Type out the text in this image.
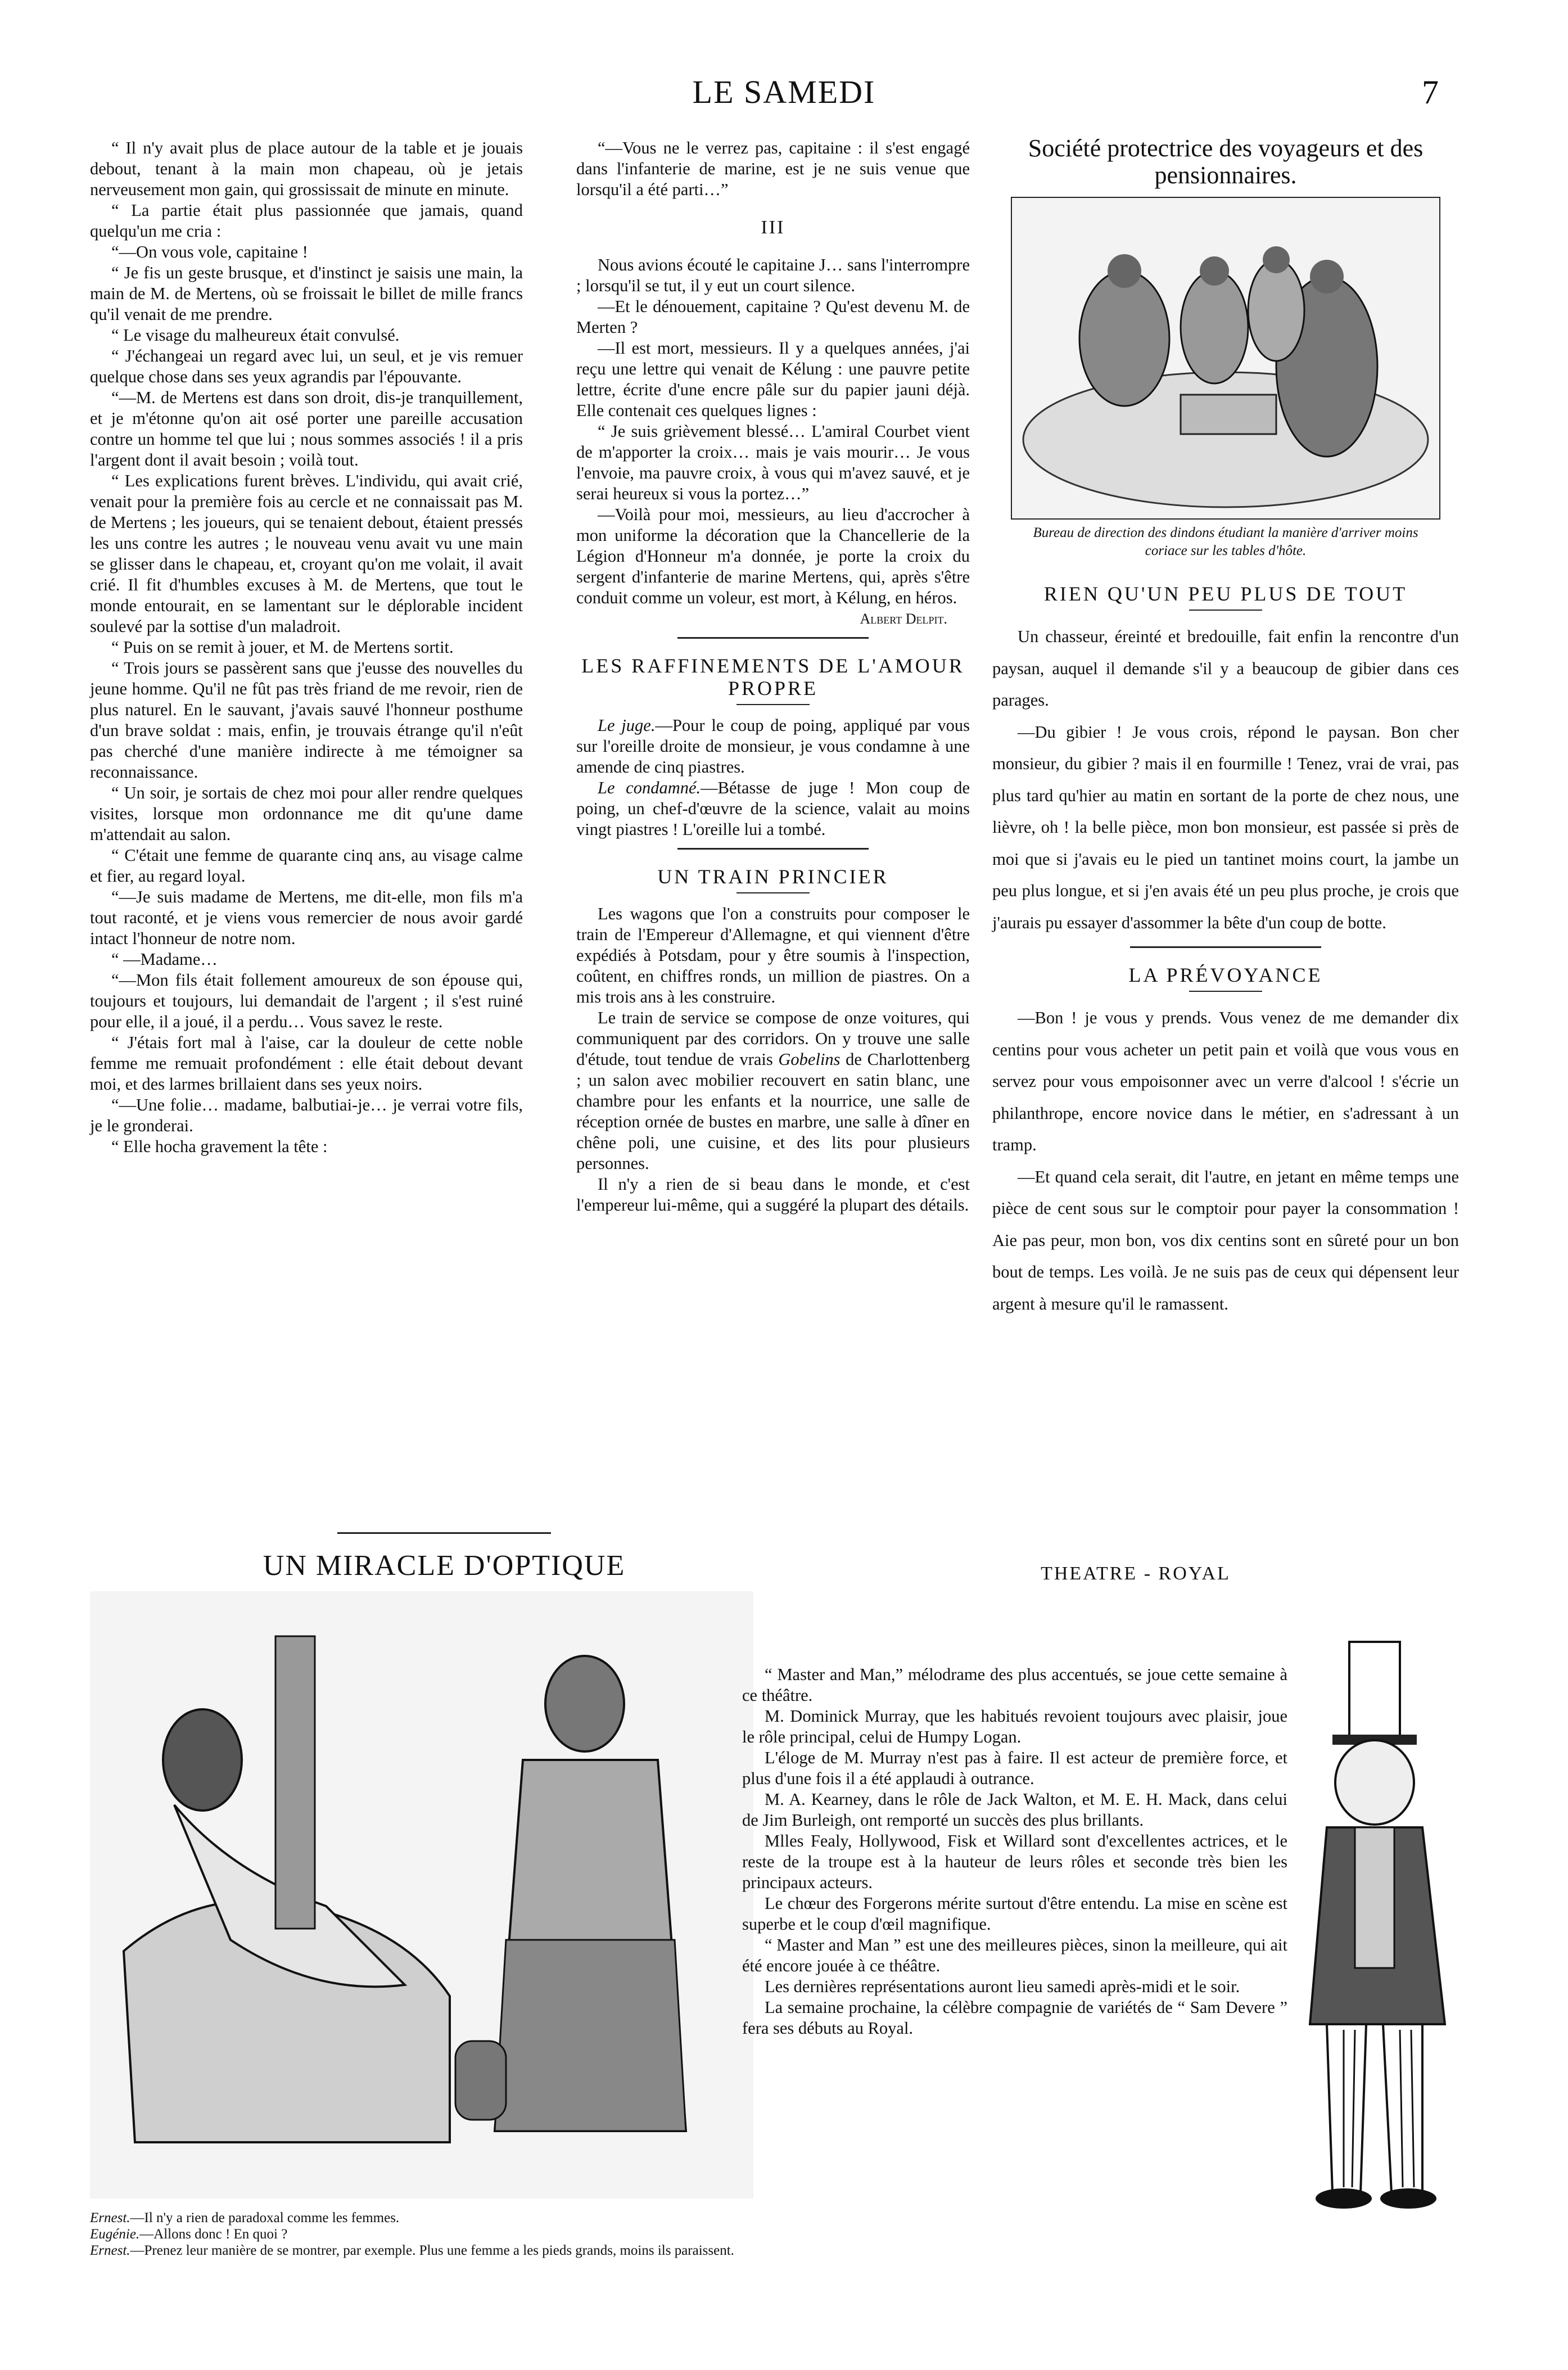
LE SAMEDI	7

“ Il n'y avait plus de place autour de la table et je jouais debout, tenant à la main mon chapeau, où je jetais nerveusement mon gain, qui grossissait de minute en minute.

“ La partie était plus passionnée que jamais, quand quelqu'un me cria :

“—On vous vole, capitaine !

“ Je fis un geste brusque, et d'instinct je saisis une main, la main de M. de Mertens, où se froissait le billet de mille francs qu'il venait de me prendre.

“ Le visage du malheureux était convulsé.

“ J'échangeai un regard avec lui, un seul, et je vis remuer quelque chose dans ses yeux agrandis par l'épouvante.

“—M. de Mertens est dans son droit, dis-je tranquillement, et je m'étonne qu'on ait osé porter une pareille accusation contre un homme tel que lui ; nous sommes associés ! il a pris l'argent dont il avait besoin ; voilà tout.

“ Les explications furent brèves. L'individu, qui avait crié, venait pour la première fois au cercle et ne connaissait pas M. de Mertens ; les joueurs, qui se tenaient debout, étaient pressés les uns contre les autres ; le nouveau venu avait vu une main se glisser dans le chapeau, et, croyant qu'on me volait, il avait crié. Il fit d'humbles excuses à M. de Mertens, que tout le monde entourait, en se lamentant sur le déplorable incident soulevé par la sottise d'un maladroit.

“ Puis on se remit à jouer, et M. de Mertens sortit.

“ Trois jours se passèrent sans que j'eusse des nouvelles du jeune homme. Qu'il ne fût pas très friand de me revoir, rien de plus naturel. En le sauvant, j'avais sauvé l'honneur posthume d'un brave soldat : mais, enfin, je trouvais étrange qu'il n'eût pas cherché d'une manière indirecte à me témoigner sa reconnaissance.

“ Un soir, je sortais de chez moi pour aller rendre quelques visites, lorsque mon ordonnance me dit qu'une dame m'attendait au salon.

“ C'était une femme de quarante cinq ans, au visage calme et fier, au regard loyal.

“—Je suis madame de Mertens, me dit-elle, mon fils m'a tout raconté, et je viens vous remercier de nous avoir gardé intact l'honneur de notre nom.

“ —Madame…

“—Mon fils était follement amoureux de son épouse qui, toujours et toujours, lui demandait de l'argent ; il s'est ruiné pour elle, il a joué, il a perdu… Vous savez le reste.

“ J'étais fort mal à l'aise, car la douleur de cette noble femme me remuait profondément : elle était debout devant moi, et des larmes brillaient dans ses yeux noirs.

“—Une folie… madame, balbutiai-je… je verrai votre fils, je le gronderai.

“ Elle hocha gravement la tête :

“—Vous ne le verrez pas, capitaine : il s'est engagé dans l'infanterie de marine, est je ne suis venue que lorsqu'il a été parti…”

III

Nous avions écouté le capitaine J… sans l'interrompre ; lorsqu'il se tut, il y eut un court silence.

—Et le dénouement, capitaine ? Qu'est devenu M. de Merten ?

—Il est mort, messieurs. Il y a quelques années, j'ai reçu une lettre qui venait de Kélung : une pauvre petite lettre, écrite d'une encre pâle sur du papier jauni déjà. Elle contenait ces quelques lignes :

“ Je suis grièvement blessé… L'amiral Courbet vient de m'apporter la croix… mais je vais mourir… Je vous l'envoie, ma pauvre croix, à vous qui m'avez sauvé, et je serai heureux si vous la portez…”

—Voilà pour moi, messieurs, au lieu d'accrocher à mon uniforme la décoration que la Chancellerie de la Légion d'Honneur m'a donnée, je porte la croix du sergent d'infanterie de marine Mertens, qui, après s'être conduit comme un voleur, est mort, à Kélung, en héros.

Albert Delpit.
LES RAFFINEMENTS DE L'AMOUR PROPRE

Le juge.—Pour le coup de poing, appliqué par vous sur l'oreille droite de monsieur, je vous condamne à une amende de cinq piastres.

Le condamné.—Bétasse de juge ! Mon coup de poing, un chef-d'œuvre de la science, valait au moins vingt piastres ! L'oreille lui a tombé.

UN TRAIN PRINCIER

Les wagons que l'on a construits pour composer le train de l'Empereur d'Allemagne, et qui viennent d'être expédiés à Potsdam, pour y être soumis à l'inspection, coûtent, en chiffres ronds, un million de piastres. On a mis trois ans à les construire.

Le train de service se compose de onze voitures, qui communiquent par des corridors. On y trouve une salle d'étude, tout tendue de vrais Gobelins de Charlottenberg ; un salon avec mobilier recouvert en satin blanc, une chambre pour les enfants et la nourrice, une salle de réception ornée de bustes en marbre, une salle à dîner en chêne poli, une cuisine, et des lits pour plusieurs personnes.

Il n'y a rien de si beau dans le monde, et c'est l'empereur lui-même, qui a suggéré la plupart des détails.

Société protectrice des voyageurs et des pensionnaires.
Bureau de direction des dindons étudiant la manière d'arriver moins coriace sur les tables d'hôte.
RIEN QU'UN PEU PLUS DE TOUT

Un chasseur, éreinté et bredouille, fait enfin la rencontre d'un paysan, auquel il demande s'il y a beaucoup de gibier dans ces parages.

—Du gibier ! Je vous crois, répond le paysan. Bon cher monsieur, du gibier ? mais il en fourmille ! Tenez, vrai de vrai, pas plus tard qu'hier au matin en sortant de la porte de chez nous, une lièvre, oh ! la belle pièce, mon bon monsieur, est passée si près de moi que si j'avais eu le pied un tantinet moins court, la jambe un peu plus longue, et si j'en avais été un peu plus proche, je crois que j'aurais pu essayer d'assommer la bête d'un coup de botte.

LA PRÉVOYANCE

—Bon ! je vous y prends. Vous venez de me demander dix centins pour vous acheter un petit pain et voilà que vous vous en servez pour vous empoisonner avec un verre d'alcool ! s'écrie un philanthrope, encore novice dans le métier, en s'adressant à un tramp.

—Et quand cela serait, dit l'autre, en jetant en même temps une pièce de cent sous sur le comptoir pour payer la consommation ! Aie pas peur, mon bon, vos dix centins sont en sûreté pour un bon bout de temps. Les voilà. Je ne suis pas de ceux qui dépensent leur argent à mesure qu'il le ramassent.

UN MIRACLE D'OPTIQUE

Ernest.—Il n'y a rien de paradoxal comme les femmes.

Eugénie.—Allons donc ! En quoi ?

Ernest.—Prenez leur manière de se montrer, par exemple. Plus une femme a les pieds grands, moins ils paraissent.

THEATRE - ROYAL

“ Master and Man,” mélodrame des plus accentués, se joue cette semaine à ce théâtre.

M. Dominick Murray, que les habitués revoient toujours avec plaisir, joue le rôle principal, celui de Humpy Logan.

L'éloge de M. Murray n'est pas à faire. Il est acteur de première force, et plus d'une fois il a été applaudi à outrance.

M. A. Kearney, dans le rôle de Jack Walton, et M. E. H. Mack, dans celui de Jim Burleigh, ont remporté un succès des plus brillants.

Mlles Fealy, Hollywood, Fisk et Willard sont d'excellentes actrices, et le reste de la troupe est à la hauteur de leurs rôles et seconde très bien les principaux acteurs.

Le chœur des Forgerons mérite surtout d'être entendu. La mise en scène est superbe et le coup d'œil magnifique.

“ Master and Man ” est une des meilleures pièces, sinon la meilleure, qui ait été encore jouée à ce théâtre.

Les dernières représentations auront lieu samedi après-midi et le soir.

La semaine prochaine, la célèbre compagnie de variétés de “ Sam Devere ” fera ses débuts au Royal.
